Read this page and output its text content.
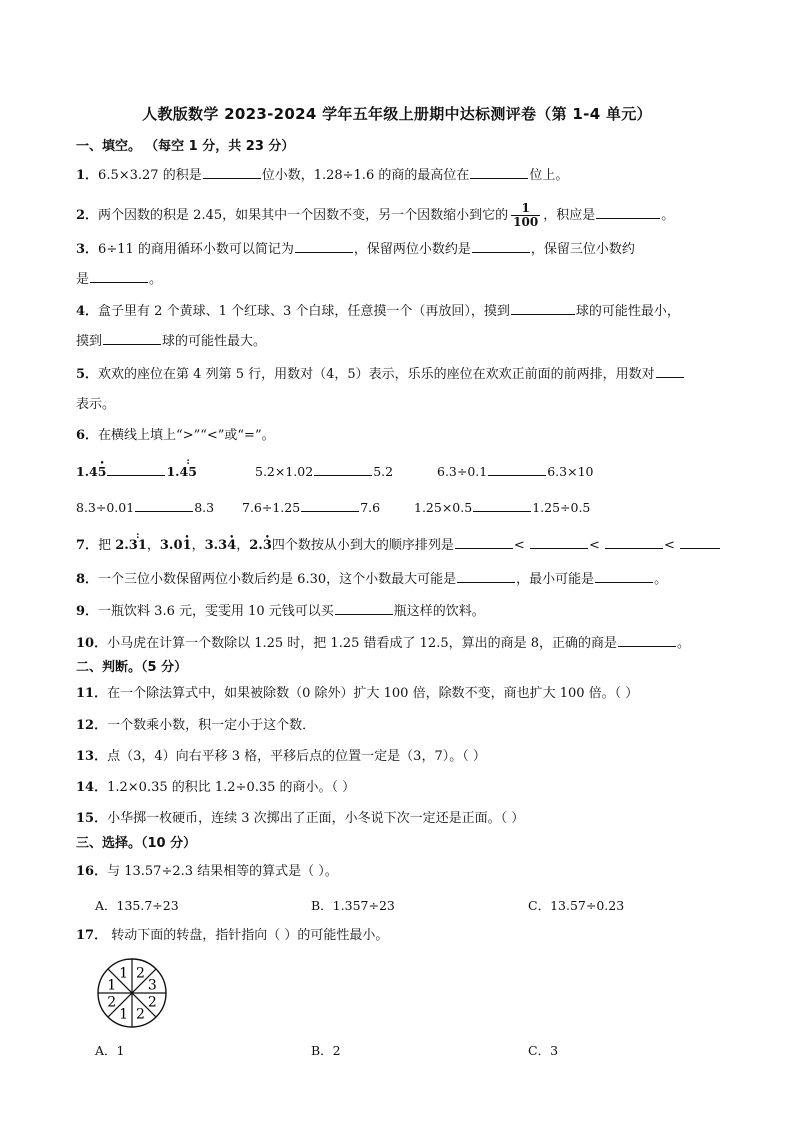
人教版数学 2023-2024 学年五年级上册期中达标测评卷（第 1-4 单元）
一、填空。 （每空 1 分，共 23 分）
1．6.5×3.27 的积是	位小数，1.28÷1.6 的商的最高位在	位上。
2．两个因数的积是 2.45，如果其中一个因数不变，另一个因数缩小到它的 $\frac{1}{100}$ ，积应是	。
3．6÷11 的商用循环小数可以简记为	，保留两位小数约是	，保留三位小数约
是	。
4．盒子里有 2 个黄球、1 个红球、3 个白球，任意摸一个（再放回），摸到	球的可能性最小，
摸到	球的可能性最大。
5．欢欢的座位在第 4 列第 5 行，用数对（4，5）表示，乐乐的座位在欢欢正前面的前两排，用数对
表示。
6．在横线上填上“>”“<”或“=”。
1.4• 5	1.: 45	5.2×1.02	5.2	6.3÷0.1	6.3×10
8.3÷0.01	8.3 7.6÷1.25	7.6	1.25×0.5	1.25÷0.5
7．把 2.: 31，3.0• 1，3.3• 4，2.• 3四个数按从小到大的顺序排列是	<	<	<
8．一个三位小数保留两位小数后约是 6.30，这个小数最大可能是	，最小可能是	。
9．一瓶饮料 3.6 元，雯雯用 10 元钱可以买	瓶这样的饮料。
10．小马虎在计算一个数除以 1.25 时，把 1.25 错看成了 12.5，算出的商是 8，正确的商是	。
二、判断。（5 分）
11．在一个除法算式中，如果被除数（0 除外）扩大 100 倍，除数不变，商也扩大 100 倍。（ ）
12．一个数乘小数，积一定小于这个数．
13．点（3，4）向右平移 3 格，平移后点的位置一定是（3，7）。（ ）
14．1.2×0.35 的积比 1.2÷0.35 的商小。（ ）
15．小华掷一枚硬币，连续 3 次掷出了正面，小冬说下次一定还是正面。（ ）
三、选择。（10 分）
16．与 13.57÷2.3 结果相等的算式是（ ）。
A．135.7÷23	B．1.357÷23	C．13.57÷0.23
17． 转动下面的转盘，指针指向（ ）的可能性最小。
2
3
2
2
1
2
1
1
A．1	B．2	C．3
